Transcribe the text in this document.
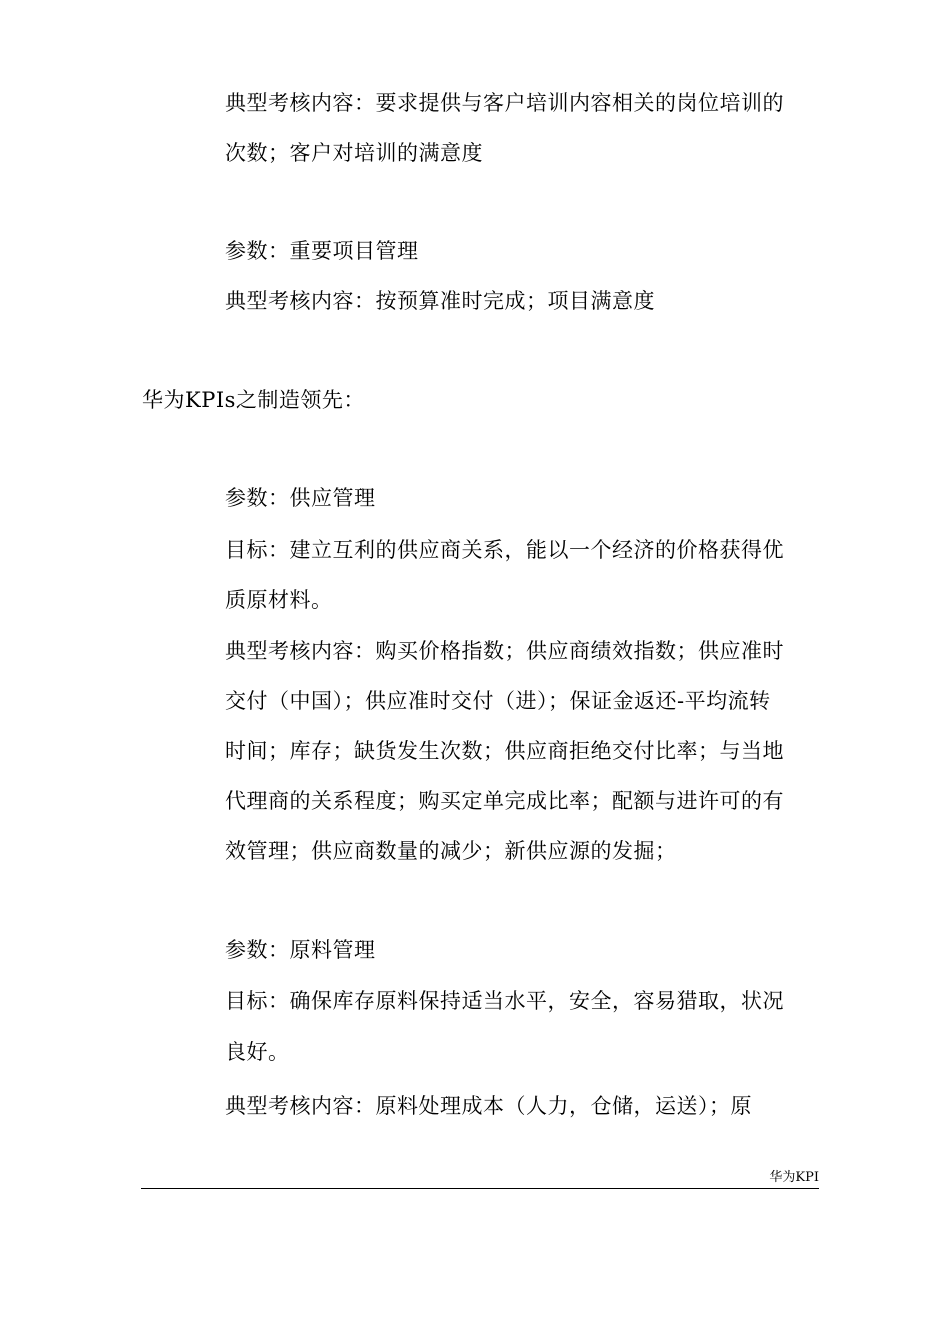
典型考核内容：要求提供与客户培训内容相关的岗位培训的
次数；客户对培训的满意度
参数：重要项目管理
典型考核内容：按预算准时完成；项目满意度
华为KPIs之制造领先：
参数：供应管理
目标：建立互利的供应商关系，能以一个经济的价格获得优
质原材料。
典型考核内容：购买价格指数；供应商绩效指数；供应准时
交付（中国）；供应准时交付（进）；保证金返还-平均流转
时间；库存；缺货发生次数；供应商拒绝交付比率；与当地
代理商的关系程度；购买定单完成比率；配额与进许可的有
效管理；供应商数量的减少；新供应源的发掘；
参数：原料管理
目标：确保库存原料保持适当水平，安全，容易猎取，状况
良好。
典型考核内容：原料处理成本（人力，仓储，运送）；原
华为KPI
